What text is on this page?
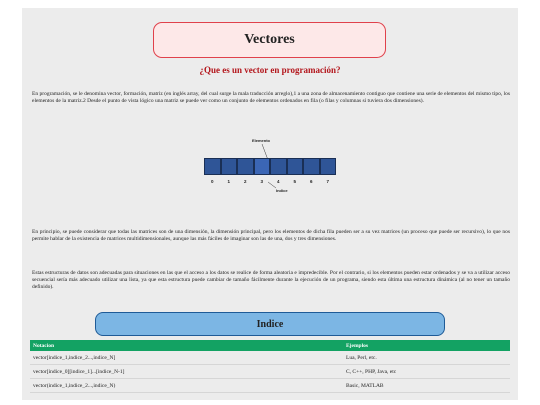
Vectores
¿Que es un vector en programación?

En programación, se le denomina vector, formación, matriz (en inglés array, del cual surge la mala traducción arreglo),1 a una zona de almacenamiento contiguo que contiene una serie de elementos del mismo tipo, los elementos de la matriz.2 Desde el punto de vista lógico una matriz se puede ver como un conjunto de elementos ordenados en fila (o filas y columnas si tuviera dos dimensiones).

Elemento
0	1	2	3	4	5	6	7
Indice

En principio, se puede considerar que todas las matrices son de una dimensión, la dimensión principal, pero los elementos de dicha fila pueden ser a su vez matrices (un proceso que puede ser recursivo), lo que nos permite hablar de la existencia de matrices multidimensionales, aunque las más fáciles de imaginar son las de una, dos y tres dimensiones.

Estas estructuras de datos son adecuadas para situaciones en las que el acceso a los datos se realice de forma aleatoria e impredecible. Por el contrario, si los elementos pueden estar ordenados y se va a utilizar acceso secuencial sería más adecuado utilizar una lista, ya que esta estructura puede cambiar de tamaño fácilmente durante la ejecución de un programa, siendo esta última una estructura dinámica (al no tener un tamaño definido).

Indice
Notacion	Ejemplos
vector[indice_1,indice_2...,indice_N]	Lua, Perl, etc.
vector[indice_0][indice_1]...[indice_N-1]	C, C++, PHP, Java, etc
vector(indice_1,indice_2...,indice_N)	Basic, MATLAB
